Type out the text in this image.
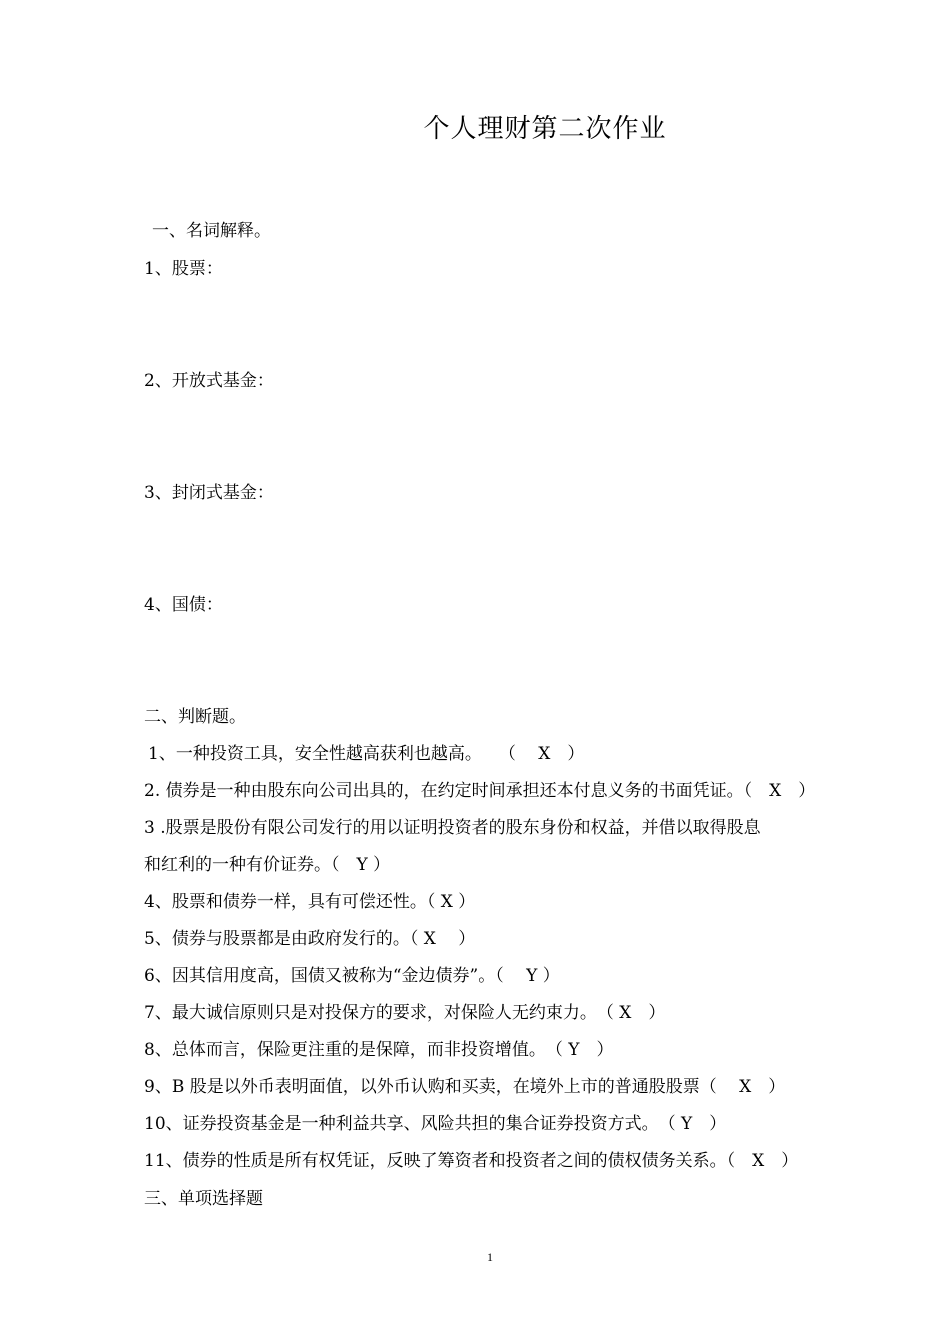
个人理财第二次作业
一、名词解释。
1、股票：
2、开放式基金：
3、封闭式基金：
4、国债：
二、判断题。
1、一种投资工具，安全性越高获利也越高。　　（　 X　）
2. 债券是一种由股东向公司出具的，在约定时间承担还本付息义务的书面凭证。（　X　）
3 .股票是股份有限公司发行的用以证明投资者的股东身份和权益，并借以取得股息
和红利的一种有价证券。（　Y ）
4、股票和债券一样，具有可偿还性。（ X ）
5、债券与股票都是由政府发行的。（ X　 ）
6、因其信用度高，国债又被称为“金边债券”。（　 Y ）
7、最大诚信原则只是对投保方的要求，对保险人无约束力。　（ X　）
8、总体而言，保险更注重的是保障，而非投资增值。　（ Y　）
9、B 股是以外币表明面值，以外币认购和买卖，在境外上市的普通股股票（　 X　）
10、证券投资基金是一种利益共享、风险共担的集合证券投资方式。　（ Y　）
11、债券的性质是所有权凭证，反映了筹资者和投资者之间的债权债务关系。（　X　）
三、单项选择题
1
